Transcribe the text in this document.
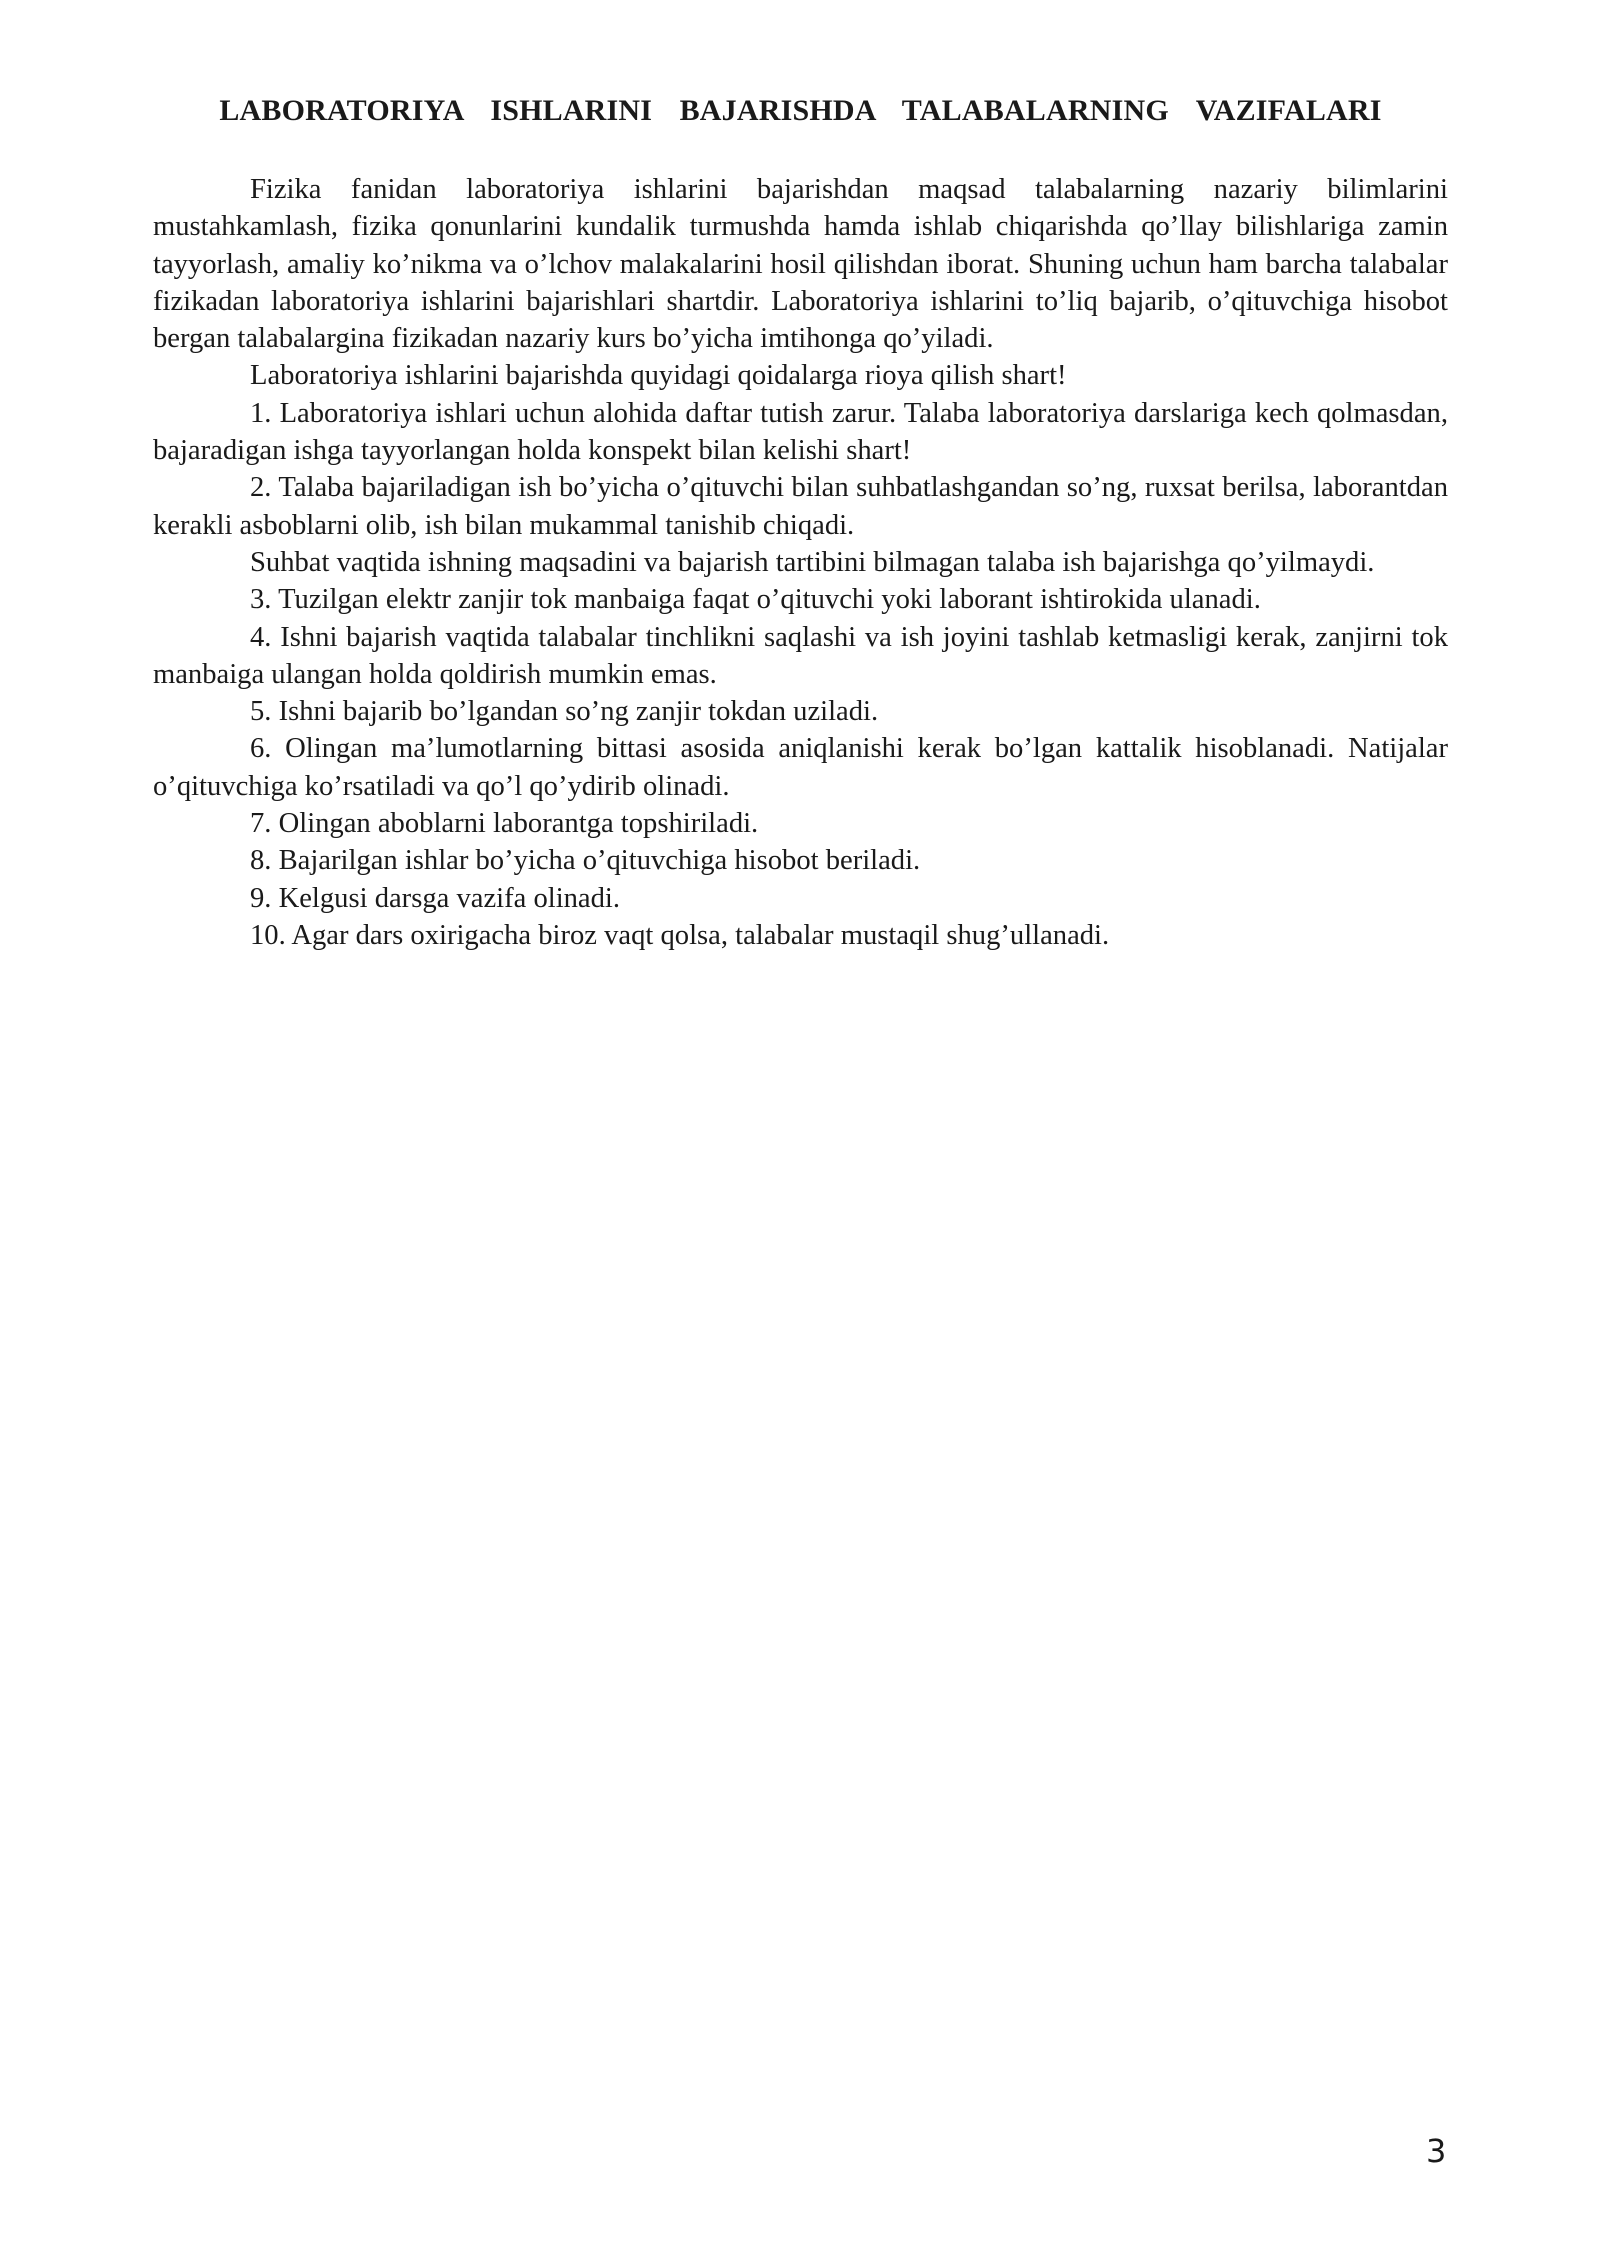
LABORATORIYA  ISHLARINI  BAJARISHDA  TALABALARNING  VAZIFALARI

Fizika fanidan laboratoriya ishlarini bajarishdan maqsad talabalarning nazariy bilimlarini mustahkamlash, fizika qonunlarini kundalik turmushda hamda ishlab chiqarishda qo’llay bilishlariga zamin tayyorlash, amaliy ko’nikma va o’lchov malakalarini hosil qilishdan iborat. Shuning uchun ham barcha talabalar fizikadan laboratoriya ishlarini bajarishlari shartdir. Laboratoriya ishlarini to’liq bajarib, o’qituvchiga hisobot bergan talabalargina fizikadan nazariy kurs bo’yicha imtihonga qo’yiladi.

Laboratoriya ishlarini bajarishda quyidagi qoidalarga rioya qilish shart!

1. Laboratoriya ishlari uchun alohida daftar tutish zarur. Talaba laboratoriya darslariga kech qolmasdan, bajaradigan ishga tayyorlangan holda konspekt bilan kelishi shart!

2. Talaba bajariladigan ish bo’yicha o’qituvchi bilan suhbatlashgandan so’ng, ruxsat berilsa, laborantdan kerakli asboblarni olib, ish bilan mukammal tanishib chiqadi.

Suhbat vaqtida ishning maqsadini va bajarish tartibini bilmagan talaba ish bajarishga qo’yilmaydi.

3. Tuzilgan elektr zanjir tok manbaiga faqat o’qituvchi yoki laborant ishtirokida ulanadi.

4. Ishni bajarish vaqtida talabalar tinchlikni saqlashi va ish joyini tashlab ketmasligi kerak, zanjirni tok manbaiga ulangan holda qoldirish mumkin emas.

5. Ishni bajarib bo’lgandan so’ng zanjir tokdan uziladi.

6. Olingan ma’lumotlarning bittasi asosida aniqlanishi kerak bo’lgan kattalik hisoblanadi. Natijalar o’qituvchiga ko’rsatiladi va qo’l qo’ydirib olinadi.

7. Olingan aboblarni laborantga topshiriladi.

8. Bajarilgan ishlar bo’yicha o’qituvchiga hisobot beriladi.

9. Kelgusi darsga vazifa olinadi.

10. Agar dars oxirigacha biroz vaqt qolsa, talabalar mustaqil shug’ullanadi.

3
